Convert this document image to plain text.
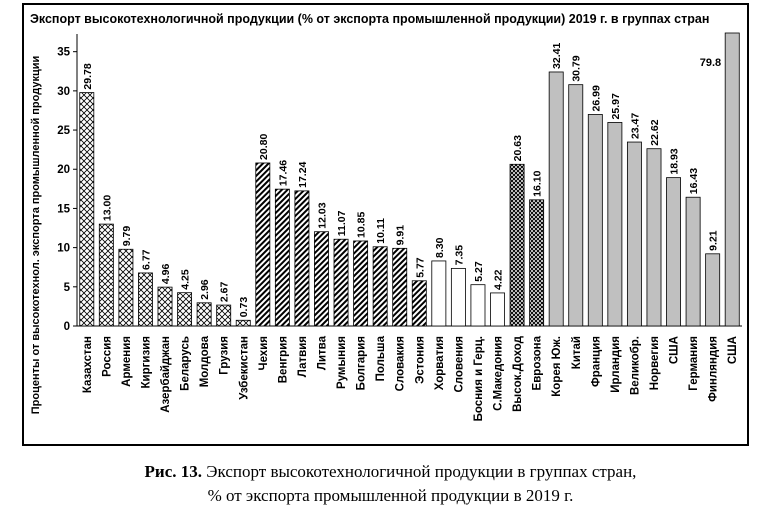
Экспорт высокотехнологичной продукции (% от экспорта промышленной продукции) 2019 г. в группах стран
Проценты от высокотехнол. экспорта промышленной продукции 0
5
10
15
20
25
30
35
29.78
13.00
9.79
6.77
4.96 4.25 2.96 2.67
0.73
20.80
17.46 17.24
12.03 11.07 10.85 10.11 9.91
5.77
8.30 7.35
5.27 4.22
20.63
16.10
32.41 30.79
26.99 25.97
23.47 22.62
18.93
16.43
9.21
79.8
Казахстан Россия Армения Киргизия Азербайджан Беларусь Молдова Грузия Узбекистан Чехия Венгрия Латвия Литва Румыния Болгария Польша Словакия Эстония Хорватия Словения Босния и Герц. С.Македония Высок.Доход Еврозона Корея Юж. Китай Франция Ирландия Великобр. Норвегия США Германия Финляндия США
Рис. 13. Экспорт высокотехнологичной продукции в группах стран,
% от экспорта промышленной продукции в 2019 г.
